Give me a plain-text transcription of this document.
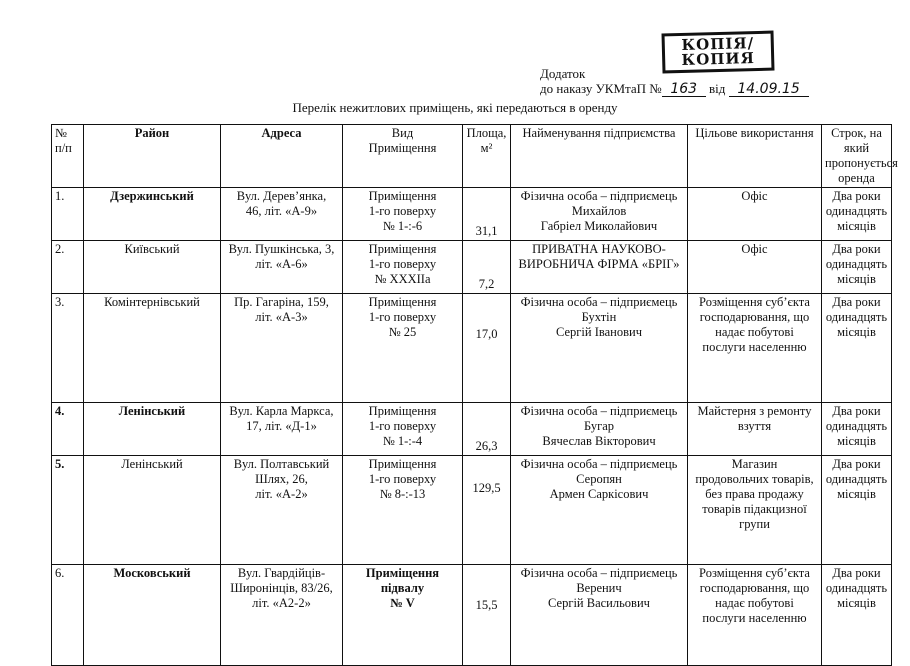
КОПІЯ/
КОПИЯ
Додаток
до наказу УКМтаП № 163 від 14.09.15
Перелік нежитлових приміщень, які передаються в оренду
№
п/п	Район	Адреса	Вид
Приміщення	Площа,
м²	Найменування підприємства	Цільове використання	Строк, на
який
пропонується
оренда

1.	Дзержинський	Вул. Дерев’янка,
46, літ. «А-9»	Приміщення
1-го поверху
№ 1-:-6	31,1	Фізична особа – підприємець
Михайлов
Габріел Миколайович	Офіс	Два роки
одинадцять
місяців

2.	Київський	Вул. Пушкінська, 3,
літ. «А-6»	Приміщення
1-го поверху
№ ХХХІІа	7,2	ПРИВАТНА НАУКОВО-
ВИРОБНИЧА ФІРМА «БРІГ»	Офіс	Два роки
одинадцять
місяців

3.	Комінтернівський	Пр. Гагаріна, 159,
літ. «А-3»	Приміщення
1-го поверху
№ 25	17,0	Фізична особа – підприємець
Бухтін
Сергій Іванович	Розміщення суб’єкта
господарювання, що
надає побутові
послуги населенню	Два роки
одинадцять
місяців

4.	Ленінський	Вул. Карла Маркса,
17, літ. «Д-1»	Приміщення
1-го поверху
№ 1-:-4	26,3	Фізична особа – підприємець
Бугар
Вячеслав Вікторович	Майстерня з ремонту
взуття	Два роки
одинадцять
місяців

5.	Ленінський	Вул. Полтавський
Шлях, 26,
літ. «А-2»	Приміщення
1-го поверху
№ 8-:-13	129,5	Фізична особа – підприємець
Серопян
Армен Саркісович	Магазин
продовольчих товарів,
без права продажу
товарів підакцизної
групи	Два роки
одинадцять
місяців

6.	Московський	Вул. Гвардійців-
Широнінців, 83/26,
літ. «А2-2»	Приміщення
підвалу
№ V	15,5	Фізична особа – підприємець
Веренич
Сергій Васильович	Розміщення суб’єкта
господарювання, що
надає побутові
послуги населенню	Два роки
одинадцять
місяців
